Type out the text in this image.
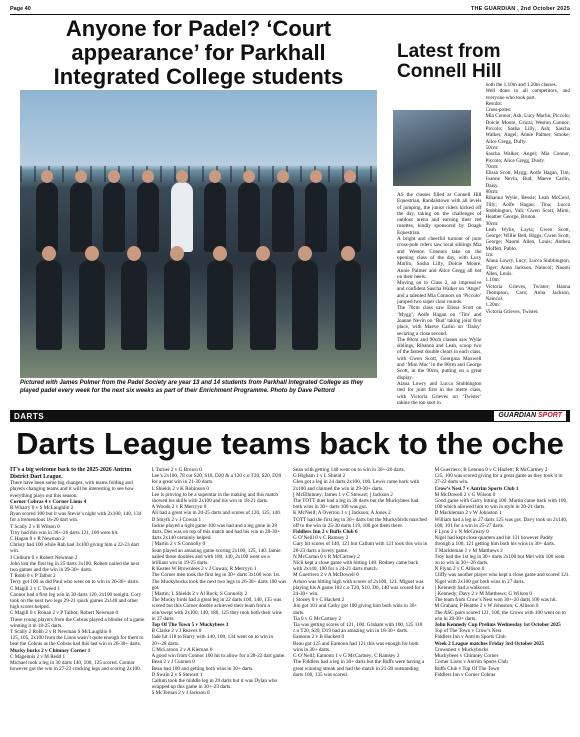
Page 40	THE GUARDIAN , 2nd October 2025
Anyone for Padel? ‘Court appearance’ for Parkhall Integrated College students
Pictured with James Polmer from the Padel Society are year 13 and 14 students from Parkhall Integrated College as they played padel every week for the next six weeks as part of their Enrichment Programme. Photo by Dave Pettord
Latest from Connell Hill

AS the classes filled at Connell Hill Equestrian, Randalstown with all levels of jumping, the junior riders kicked off the day, taking on the challenges of outdoor arena and earning their red rosettes, kindly sponsored by Doagh Equestrian.

A bright and cheerful turnout of pure cross-pole riders saw local siblings Mia and Weston Connors take on the opening class of the day, with Lucy Marlin, Sasha Lilly, Dolcie Moore, Annie Palmer and Alice Gregg all hot on their heels.

Moving on to Class 2, an impressive and confident Sascha Walker on ‘Angel’ and a talented Mia Connors on ‘Piccolo’ jumped two super clear rounds.

The 70cm class saw Elissa Scott on ‘Mygg’, Aoife Hagan on ‘Tim’ and Joanne Nevin on ‘Bud’ taking joint first place, with Maeve Carlin on ‘Daisy’ securing a close second.

The 80cm and 90cm classes saw Wylie siblings, Rihanna and Leah, scoop two of the fastest double clears in each class, with Gwen Scott, Georgina Maxwell and ‘Mini Mac’ in the 80cm and George Scott, in the 90cm, putting on a great display.

Alana Lowry and Lucca Stubbington tied for joint first in the metre class, with Victoria Grieves on ‘Twister’ taking the top spot in

both the 1.10m and 1.20m classes.

Well done to all competitors, and everyone who took part.

Results:

Cross-poles:

Mia Connor, Ash; Lucy Marlin, Piccolo; Dolcie Moore, Grizzi; Weston Connor; Piccolo; Sasha Lilly, Ash; Sascha Walker, Angel; Annie Palmer, Smoke; Alice Gregg, Dufty.

50cm:

Sascha Walker, Angel; Mia Connor, Piccolo; Alice Gregg, Dusty.

70cm:

Elissa Scott, Mygg; Aoife Hagan, Tim; Joanne Nevin, Bud; Maeve Carlin, Daisy.

80cm:

Rihanna Wylie, Bessie; Leah McCord, Tilly; Aoife Hagan; Tina; Lucca Stubbington, Vali; Gwen Scott, Mimi; Heather George, Bruton.

90cm:

Leah Wylie, Layla; Gwen Scott, George; Willie Bell, Higgs; Gwen Scott, George; Naomi Allen, Louis; Anthea Moffett, Pablo.

1m:

Alana Lowry, Lucy; Lucca Stubbington, Tiger; Anna Jackson, Naincol; Naomi Allen, Louis.

1.10m:

Victoria Grieves, Twister; Hanna Thompson, Cara; Anna Jackson, Naincol.

1.20m:

Victoria Grieves, Twister.

DARTS	GUARDIAN SPORT
Darts League teams back to the oche

IT’s a big welcome back to the 2025-2026 Antrim District Dart League.

There have been some big changes, with teams folding and players changing teams and it will be interesting to see how everything plays out this season.

Corner Cobras 4 v Corner Lions 4

R Wharry 0 v S McLaughlin 2

Ryan scored 100 but it was Stevie’s night with 2x100, 140, 134 for a tremendous 16-20 dart win.

T Scally 2 v B Wilson 0

Troy had this win in 30+-26 darts 121, 100 were hit.

C Hagan 0 v R Newman 2

Christy had 100 while Rab had 3x100 giving him a 22-23 dart win.

J Colburn 0 v Robert Newman 2

John lost the first leg in 25 darts 3x100. Robert nailed the next two games and the win in 29-30+ darts.

T Robb 0 v P Talbot 2

Terry got 100 as did Paul who went on to win in 26-30+ darts.

C Magill 2 v C Tweed 1

Connor had a first leg win in 30 darts 120, 2x100 tonight. Cory took on the next two legs 29-21 quick games 2x140 and other high scores helped.

C Magill 0 v Ronan 2 v P Talbot; Robert Newman 0

These young players from the Cobras played a blinder of a game winning it in 18-25 darts.

T Scally 2 Robb 2 v R Newman S McLaughlin 0

125, 105, 2x100 from the Lions wasn’t quite enough for them to beat the Cobras as the Cobras had this last win in 26-30+ darts.

Mucky bucks 2 v Chimney Corner 1

C Magennis 2 v M Redd 1

Michael took a leg in 30 darts 140, 100, 125 scored. Connor however got the win in 27-23 cracking legs and scoring 2x100.

L Turner 2 v G Brown 0

Lee’s 2x100, 78 cut S20, S18, D20 & a 120 c.o T20, S20, D20 for a great win in 21-30 darts.

L Shields 2 v K Robinson 0

Lee is proving to be a superstar in the making and this match showed his skills with 2x100 and his win in 18-21 darts.

A Woods 2 v R Merryyn 0

Ali had a great win in 20-25 darts and scores of 120, 125, 140.

D Smyth 2 v J Cowan 1

Jackie played a tight game 100 was had and a leg gone in 28 darts. Des was on top of this match and had his win in 28-30+ darts 2x140 certainly helped.

[ Martin 2 v S Connolly 0

Sean played an amazing game scoring 2x100, 125, 140. Jamie nailed those doubles and with 180, 140, 2x100 went on a brilliant win in 19-25 darts.

R Keates W Brownlees 2 v J Cowan; R Merryyn 1

The Corner men took the first leg in 30+ darts 3x100 won 1st. The Muckybucks took the next two legs in 26-30+ darts 100 was got.

[ Martin; L Shields 2 v Al Rock; S Connolly 2

The Mucky birds had a great leg in 22 darts 100, 140, 135 was scored but this Corner double achieved their team from a win/swept with 2x100, 140, 180, 125 they took both their wins in 27 darts.

Top Of The Town 5 v Muckybees 3

B Clarke 2 v J Reaves 0

Jade hit 118 to Harry with 140, 100, 134 went on to win in 20+-28 darts.

C McLarnon 2 v A Kiernan 0

A good win from Connor 100 hit to allow for a 28-22 dart game.

Beau 2 v J Cunnon 0

Beau had 100 and getting both wins in 30+ darts.

D Swain 2 v S Stewart 1

Callum took the middle leg in 29 darts but it was Dylan who wrapped up this game in 30+-23 darts.

S McTernan 2 v J Jackson 0

Sean with getting 140 went on to win in 30+-26 darts.

G Higham 1 v L Shield 2

Glen got a leg in 24 darts 2x100, 100. Lewis came back with 2x100 and claimed the win in 29-30+ darts.

[ McElhinney; James 1 v C Stewart; ] Jackson 2

The TOTT duet had a leg in 30 darts but the Muckybees had both wins in 30+ darts 100 was got.

K McNeill; A Overton 1 v ] Jackson; A Jones 2

TOTT had the first leg in 30+ darts but the Muckybirds marched off to the win in 25-30 darts 119, 100 got them there.

Fiddlers Inn 2 v Buffs Club 6

G O’Neill 0 v C Ramsey 2

Gary hit scores of 140, 121 but Callum with 121 took this win in 28-23 darts a lovely game.

N McCartan 0 v R McCartney 2

Nicli kept a close game with hitting 140. Rodney came back with 2x140, 100 for a 24-21 darts match.

M Guerriero 2 v A McDowell 0

Arturo was hitting high with scores of 2x100, 121. Miguel was playing his A game 102 c.o T20, S10, D6, 140 was scored for a 24-30+ win.

[ Stoney 0 v C Hackett 2

Jim got 101 and Cathy got 100 giving him both wins in 30+ darts.

Tia 0 v G McCartney 2

Tia was getting scores of 121, 100. Graham with 100, 125 118 c.o T20, S20, D19 had an amazing win in 18-30+ darts.

Eamonn 2 v B Hackett 0

Beau got 125 and Eamonn had 121 this was enough for both wins in 30+ darts.

G O’Neill; Eamonn 1 v G McCartney; C Ramsey 2

The Fiddlers had a leg in 30+ darts but the Buffs were having a great winning streak and had the match in 21-20 outstanding darts 100, 135 was scored.

M Guerriero; B Lennon 0 v C Hazlett; R McCartney 2

125, 100 was scored giving for a great game as they took it in 27-22 darts win.

Crow’s Nest 7 v Antrim Sports Club 1

M McDowell 2 v G Wilson 0

Good game with Garry hitting 100. Martin came back with 100, 100 which allowed him to win in style in 20-21 darts.

D Mackleman 2 v W Johnston 1

William had a leg in 27 darts 125 was got. Davy took on 2x140, 100, 101 for a win in 25-27 darts.

F Lynn 2 v N McGreary 0

Nigel had kept close quarters and hit 131 however Paddy through a 100, 121 getting him both his wins in 30+ darts.

T Mackleman 1 v M Matthews 2

Troy had the 1st leg in 30+ darts 2x100 but Mel with 100 went on to win in 30+-26 darts.

N Flynn 2 v C Allison 0

Cliffy was another player who kept a close game and scored 121. Nigel with 2x100 got both wins in 27 darts.

[ Kennedy had a walkover.

[ Kennedy; Davy 2 v M Matthews; G Wilson 0

The team from Crow’s Nest won 30+-20 darts 100 was hit.

M Graham; P Beattie 2 v W Johnston; C Allison 0

The ASC pairs scored 121, 100, the Crows with 100 went on to win in 29-30+ darts.

John Kennedy Cup Prelims Wednesday 1st October 2025

Top of The Town v Crow’s Nest

Fiddlers Inn v Antrim Sports Club

Week 2 League matches Friday 3rd October 2025

Crowsnest v Muckybucks

Muckybees v Chimney Corner

Corner Lions v Antrim Sports Club

Buffs Club v Top Of The Town

Fiddlers Inn v Corner Cobras
